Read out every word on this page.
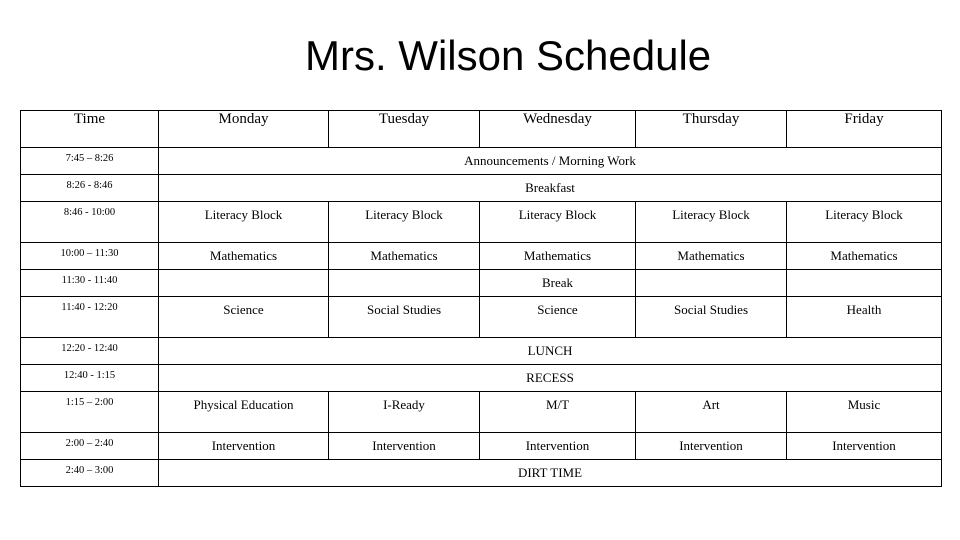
Mrs. Wilson Schedule
Time	Monday	Tuesday	Wednesday	Thursday	Friday
7:45 – 8:26	Announcements / Morning Work				
8:26 - 8:46	Breakfast				
8:46 - 10:00	Literacy Block	Literacy Block	Literacy Block	Literacy Block	Literacy Block
10:00 – 11:30	Mathematics	Mathematics	Mathematics	Mathematics	Mathematics
11:30 - 11:40			Break		
11:40 - 12:20	Science	Social Studies	Science	Social Studies	Health
12:20 - 12:40	LUNCH				
12:40 - 1:15	RECESS				
1:15 – 2:00	Physical Education	I-Ready	M/T	Art	Music
2:00 – 2:40	Intervention	Intervention	Intervention	Intervention	Intervention
2:40 – 3:00	DIRT TIME				
